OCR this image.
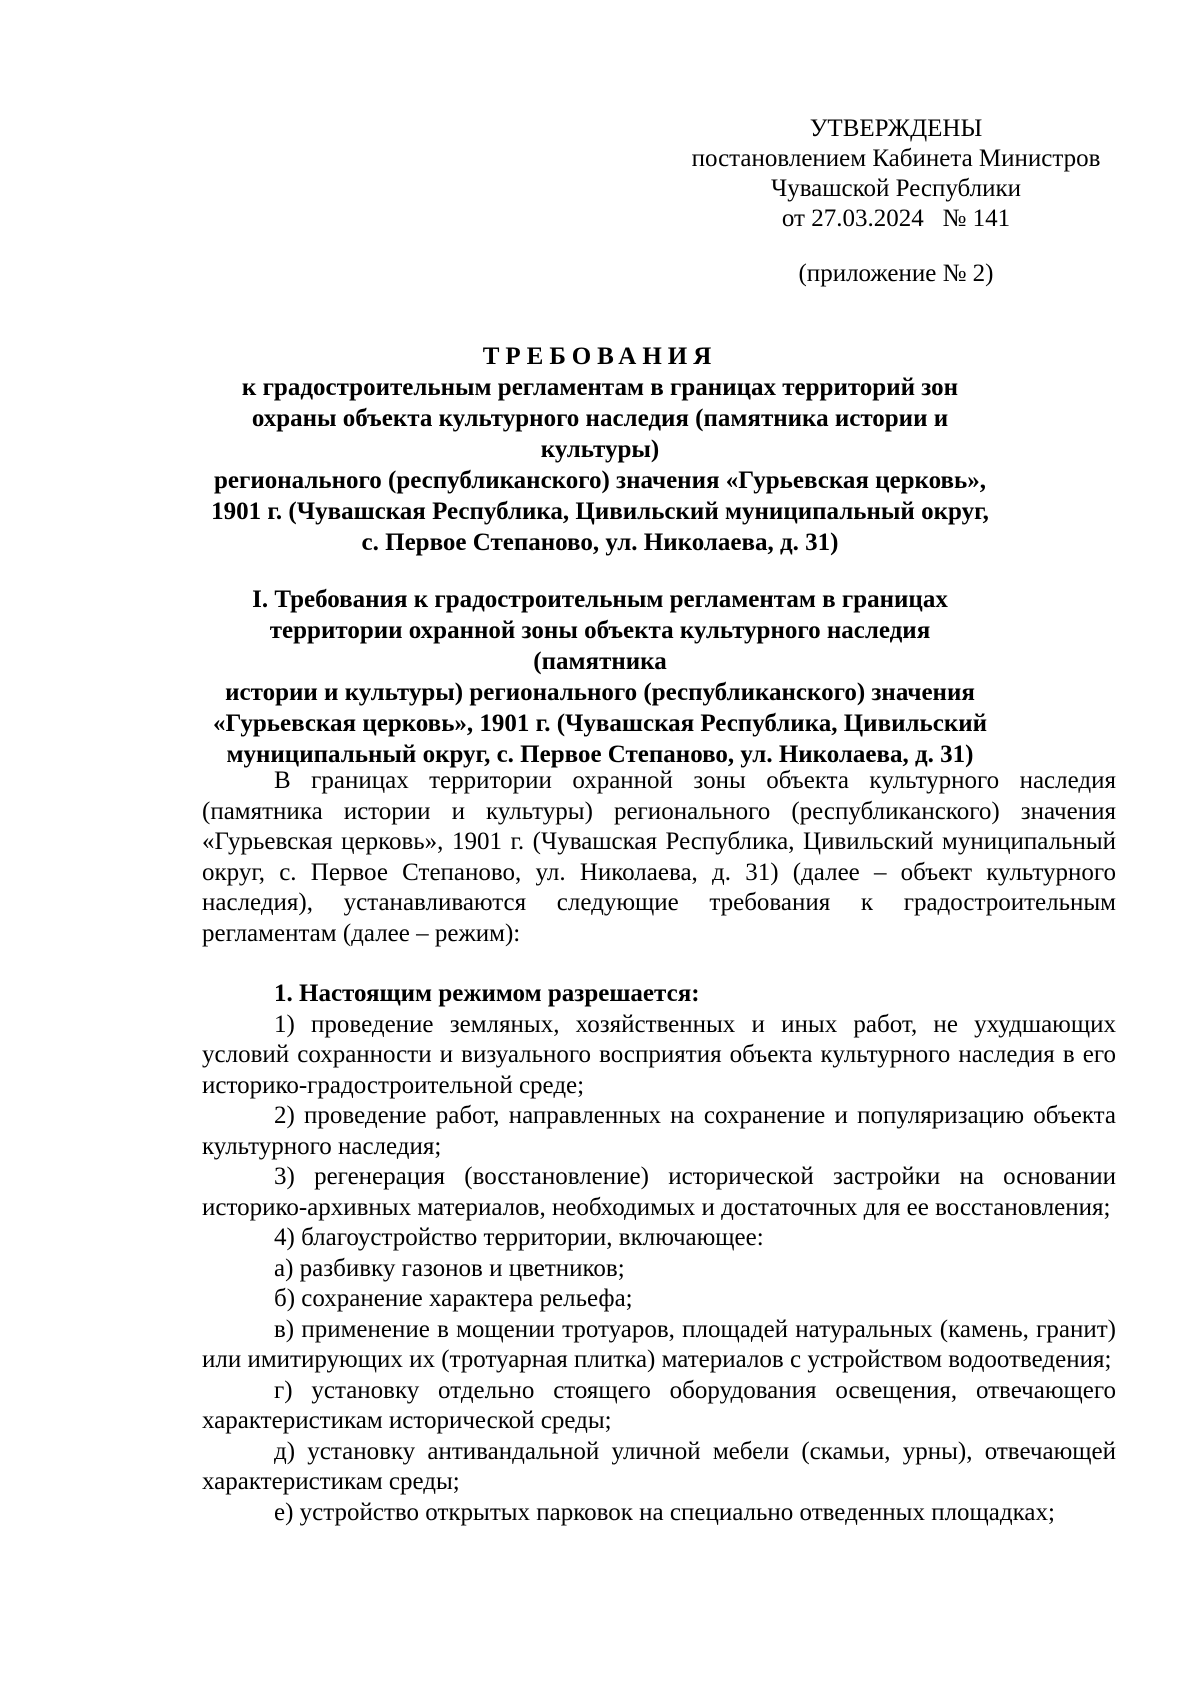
УТВЕРЖДЕНЫ
постановлением Кабинета Министров
Чувашской Республики
от 27.03.2024   № 141
(приложение № 2)
ТРЕБОВАНИЯ
к градостроительным регламентам в границах территорий зон
охраны объекта культурного наследия (памятника истории и культуры)
регионального (республиканского) значения «Гурьевская церковь»,
1901 г. (Чувашская Республика, Цивильский муниципальный округ,
с. Первое Степаново, ул. Николаева, д. 31)
I. Требования к градостроительным регламентам в границах
территории охранной зоны объекта культурного наследия (памятника
истории и культуры) регионального (республиканского) значения
«Гурьевская церковь», 1901 г. (Чувашская Республика, Цивильский
муниципальный округ, с. Первое Степаново, ул. Николаева, д. 31)

В границах территории охранной зоны объекта культурного наследия (памятника истории и культуры) регионального (республиканского) значения «Гурьевская церковь», 1901 г. (Чувашская Республика, Цивильский муниципальный округ, с. Первое Степаново, ул. Николаева, д. 31) (далее – объект культурного наследия), устанавливаются следующие требования к градостроительным регламентам (далее – режим):

1. Настоящим режимом разрешается:

1) проведение земляных, хозяйственных и иных работ, не ухудшающих условий сохранности и визуального восприятия объекта культурного наследия в его историко-градостроительной среде;

2) проведение работ, направленных на сохранение и популяризацию объекта культурного наследия;

3) регенерация (восстановление) исторической застройки на основании историко-архивных материалов, необходимых и достаточных для ее восстановления;

4) благоустройство территории, включающее:

а) разбивку газонов и цветников;

б) сохранение характера рельефа;

в) применение в мощении тротуаров, площадей натуральных (камень, гранит) или имитирующих их (тротуарная плитка) материалов с устройством водоотведения;

г) установку отдельно стоящего оборудования освещения, отвечающего характеристикам исторической среды;

д) установку антивандальной уличной мебели (скамьи, урны), отвечающей характеристикам среды;

е) устройство открытых парковок на специально отведенных площадках;
